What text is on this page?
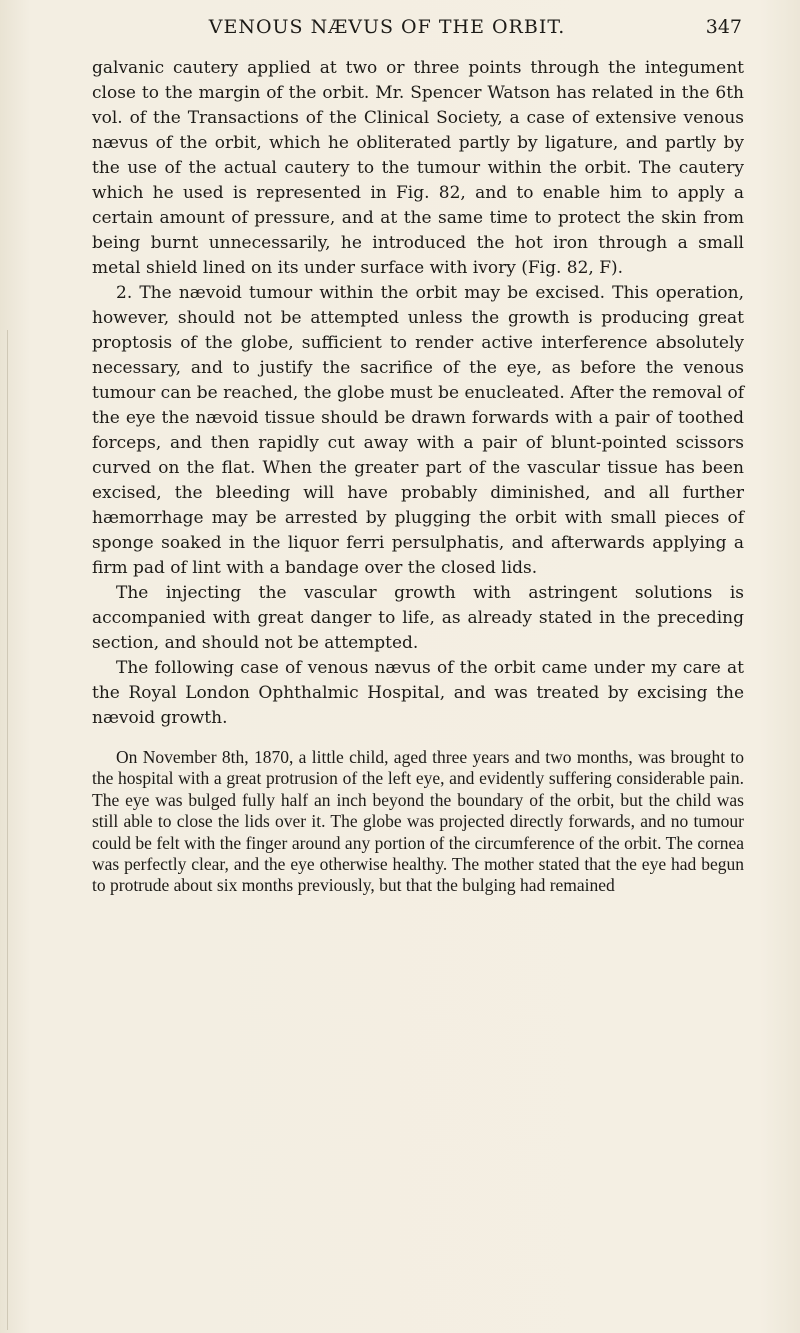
VENOUS NÆVUS OF THE ORBIT.	347

galvanic cautery applied at two or three points through the integument close to the margin of the orbit. Mr. Spencer Watson has related in the 6th vol. of the Transactions of the Clinical Society, a case of extensive venous nævus of the orbit, which he obliterated partly by ligature, and partly by the use of the actual cautery to the tumour within the orbit. The cautery which he used is represented in Fig. 82, and to enable him to apply a certain amount of pressure, and at the same time to protect the skin from being burnt unnecessarily, he introduced the hot iron through a small metal shield lined on its under surface with ivory (Fig. 82, F).

2. The nævoid tumour within the orbit may be excised. This operation, however, should not be attempted unless the growth is producing great proptosis of the globe, sufficient to render active interference absolutely necessary, and to justify the sacrifice of the eye, as before the venous tumour can be reached, the globe must be enucleated. After the removal of the eye the nævoid tissue should be drawn forwards with a pair of toothed forceps, and then rapidly cut away with a pair of blunt-pointed scissors curved on the flat. When the greater part of the vascular tissue has been excised, the bleeding will have probably diminished, and all further hæmorrhage may be arrested by plugging the orbit with small pieces of sponge soaked in the liquor ferri persulphatis, and afterwards applying a firm pad of lint with a bandage over the closed lids.

The injecting the vascular growth with astringent solutions is accompanied with great danger to life, as already stated in the preceding section, and should not be attempted.

The following case of venous nævus of the orbit came under my care at the Royal London Ophthalmic Hospital, and was treated by excising the nævoid growth.

On November 8th, 1870, a little child, aged three years and two months, was brought to the hospital with a great protrusion of the left eye, and evidently suffering considerable pain. The eye was bulged fully half an inch beyond the boundary of the orbit, but the child was still able to close the lids over it. The globe was projected directly forwards, and no tumour could be felt with the finger around any portion of the circumference of the orbit. The cornea was perfectly clear, and the eye otherwise healthy. The mother stated that the eye had begun to protrude about six months previously, but that the bulging had remained
